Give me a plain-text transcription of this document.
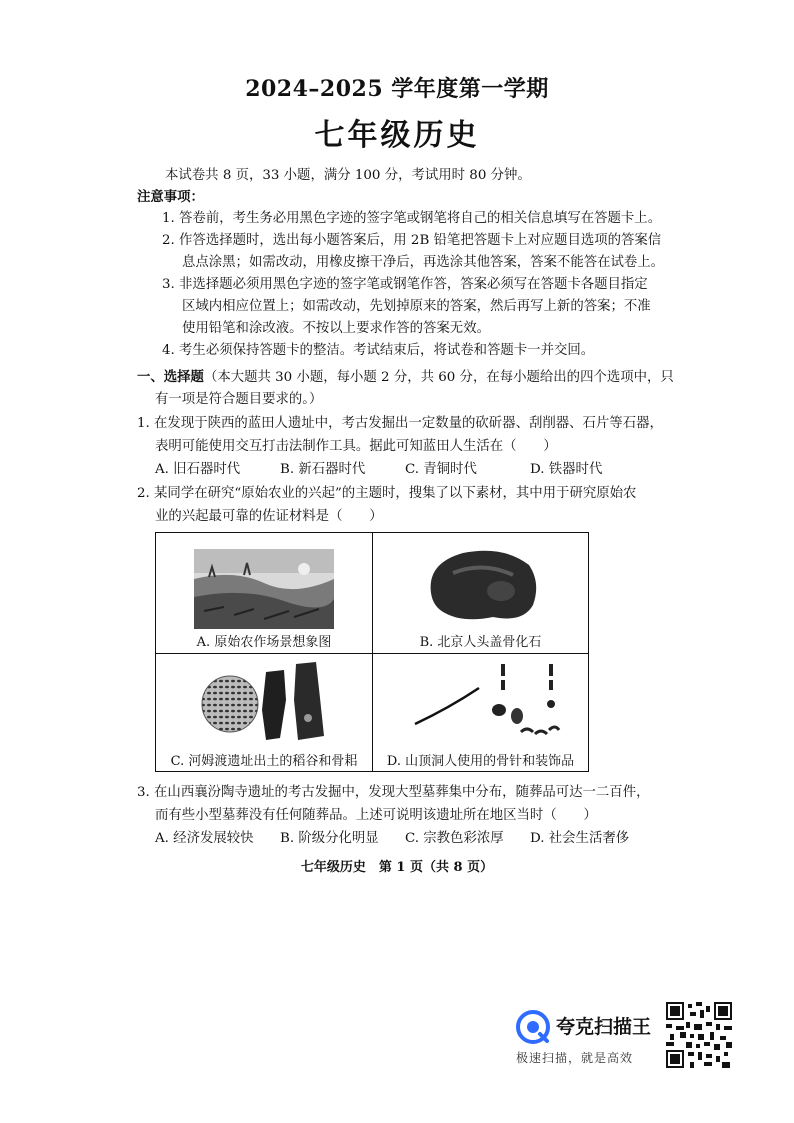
2024–2025 学年度第一学期
七年级历史
本试卷共 8 页，33 小题，满分 100 分，考试用时 80 分钟。
注意事项：
1. 答卷前，考生务必用黑色字迹的签字笔或钢笔将自己的相关信息填写在答题卡上。
2. 作答选择题时，选出每小题答案后，用 2B 铅笔把答题卡上对应题目选项的答案信
息点涂黑；如需改动，用橡皮擦干净后，再选涂其他答案，答案不能答在试卷上。
3. 非选择题必须用黑色字迹的签字笔或钢笔作答，答案必须写在答题卡各题目指定
区域内相应位置上；如需改动，先划掉原来的答案，然后再写上新的答案；不准
使用铅笔和涂改液。不按以上要求作答的答案无效。
4. 考生必须保持答题卡的整洁。考试结束后，将试卷和答题卡一并交回。
一、选择题（本大题共 30 小题，每小题 2 分，共 60 分，在每小题给出的四个选项中，只
有一项是符合题目要求的。）
1. 在发现于陕西的蓝田人遗址中，考古发掘出一定数量的砍斫器、刮削器、石片等石器，
表明可能使用交互打击法制作工具。据此可知蓝田人生活在（　　）
A. 旧石器时代	B. 新石器时代	C. 青铜时代	D. 铁器时代
2. 某同学在研究“原始农业的兴起”的主题时，搜集了以下素材，其中用于研究原始农
业的兴起最可靠的佐证材料是（　　）
A. 原始农作场景想象图	B. 北京人头盖骨化石
C. 河姆渡遗址出土的稻谷和骨耜	D. 山顶洞人使用的骨针和装饰品
3. 在山西襄汾陶寺遗址的考古发掘中，发现大型墓葬集中分布，随葬品可达一二百件，
而有些小型墓葬没有任何随葬品。上述可说明该遗址所在地区当时（　　）
A. 经济发展较快 B. 阶级分化明显 C. 宗教色彩浓厚 D. 社会生活奢侈
七年级历史　第 1 页（共 8 页）
夸克扫描王
极速扫描，就是高效
